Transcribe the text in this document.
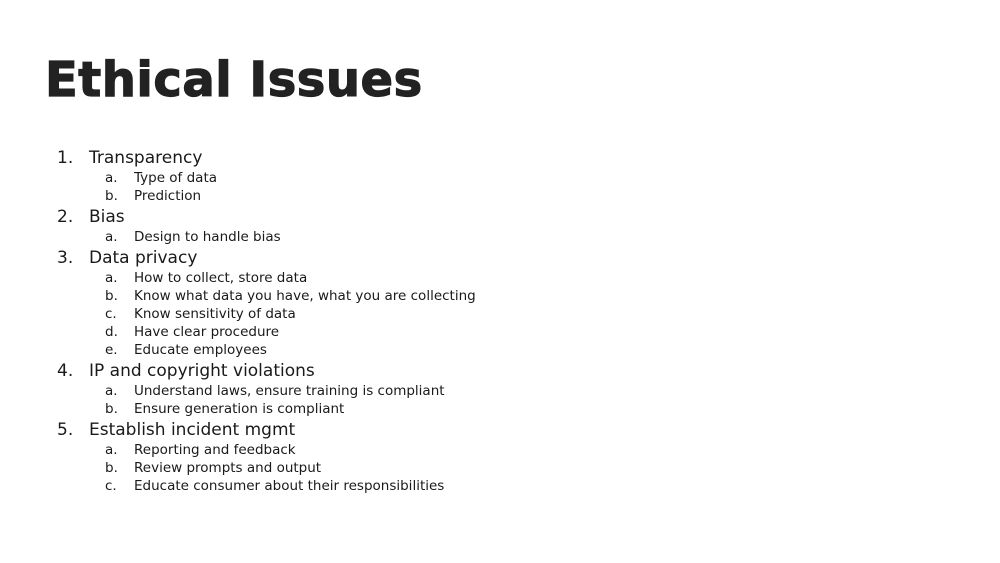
Ethical Issues
1. Transparency
a.	Type of data
b.	Prediction
2. Bias
a.	Design to handle bias
3. Data privacy
a.	How to collect, store data
b.	Know what data you have, what you are collecting
c.	Know sensitivity of data
d.	Have clear procedure
e.	Educate employees
4. IP and copyright violations
a.	Understand laws, ensure training is compliant
b.	Ensure generation is compliant
5. Establish incident mgmt
a.	Reporting and feedback
b.	Review prompts and output
c.	Educate consumer about their responsibilities
